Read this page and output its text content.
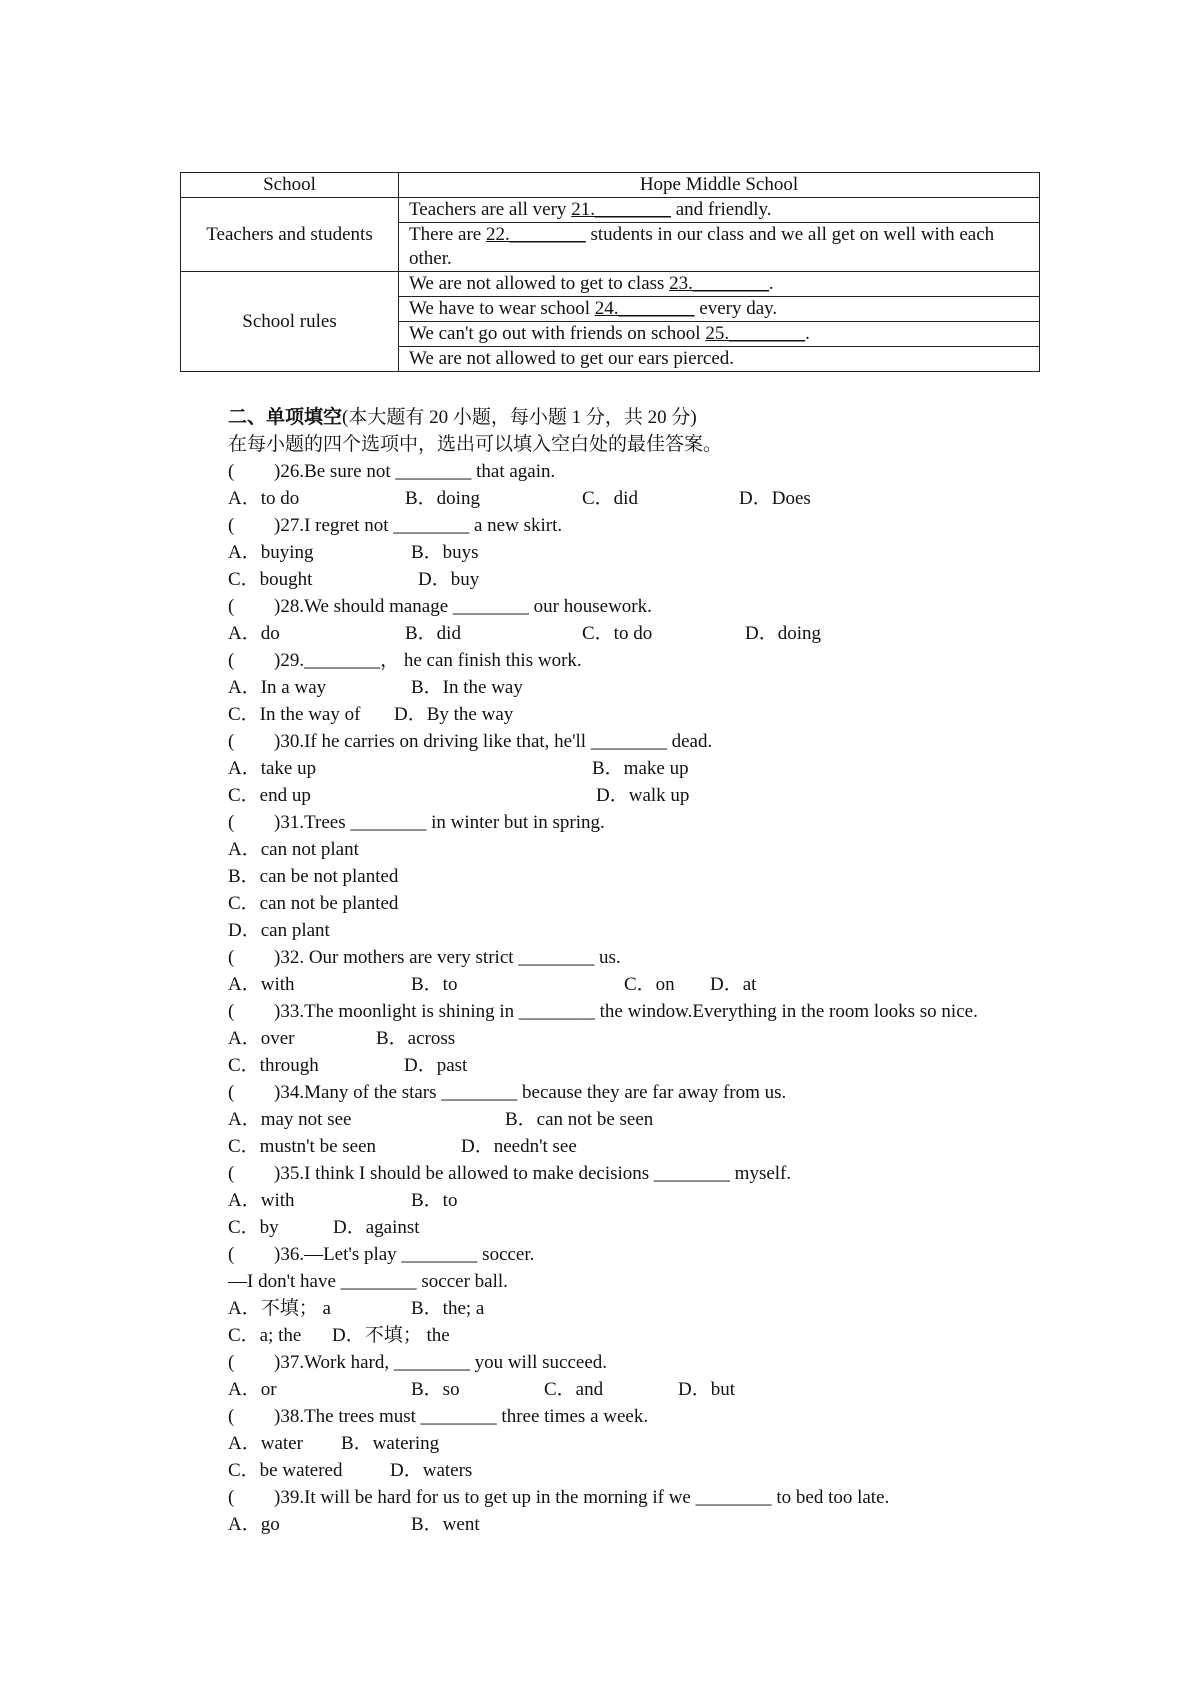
School	Hope Middle School
Teachers and students	Teachers are all very 21.________ and friendly.
	There are 22.________ students in our class and we all get on well with each other.
School rules	We are not allowed to get to class 23.________.
	We have to wear school 24.________ every day.
	We can't go out with friends on school 25.________.
	We are not allowed to get our ears pierced.
二、单项填空(本大题有 20 小题，每小题 1 分，共 20 分)
在每小题的四个选项中，选出可以填入空白处的最佳答案。
( )26.Be sure not ________ that again.
A．to do	B．doing	C．did	D．Does
( )27.I regret not ________ a new skirt.
A．buying	B．buys
C．bought	D．buy
( )28.We should manage ________ our housework.
A．do	B．did	C．to do	D．doing
( )29.________， he can finish this work.
A．In a way	B．In the way
C．In the way of D．By the way
( )30.If he carries on driving like that, he'll ________ dead.
A．take up	B．make up
C．end up	D．walk up
( )31.Trees ________ in winter but in spring.
A．can not plant
B．can be not planted
C．can not be planted
D．can plant
( )32. Our mothers are very strict ________ us.
A．with	B．to	C．on D．at
( )33.The moonlight is shining in ________ the window.Everything in the room looks so nice.
A．over	B．across
C．through	D．past
( )34.Many of the stars ________ because they are far away from us.
A．may not see	B．can not be seen
C．mustn't be seen	D．needn't see
( )35.I think I should be allowed to make decisions ________ myself.
A．with	B．to
C．by	D．against
( )36.—Let's play ________ soccer.
—I don't have ________ soccer ball.
A．不填； a	B．the; a
C．a; the D．不填； the
( )37.Work hard, ________ you will succeed.
A．or	B．so	C．and	D．but
( )38.The trees must ________ three times a week.
A．water B．watering
C．be watered	D．waters
( )39.It will be hard for us to get up in the morning if we ________ to bed too late.
A．go	B．went
